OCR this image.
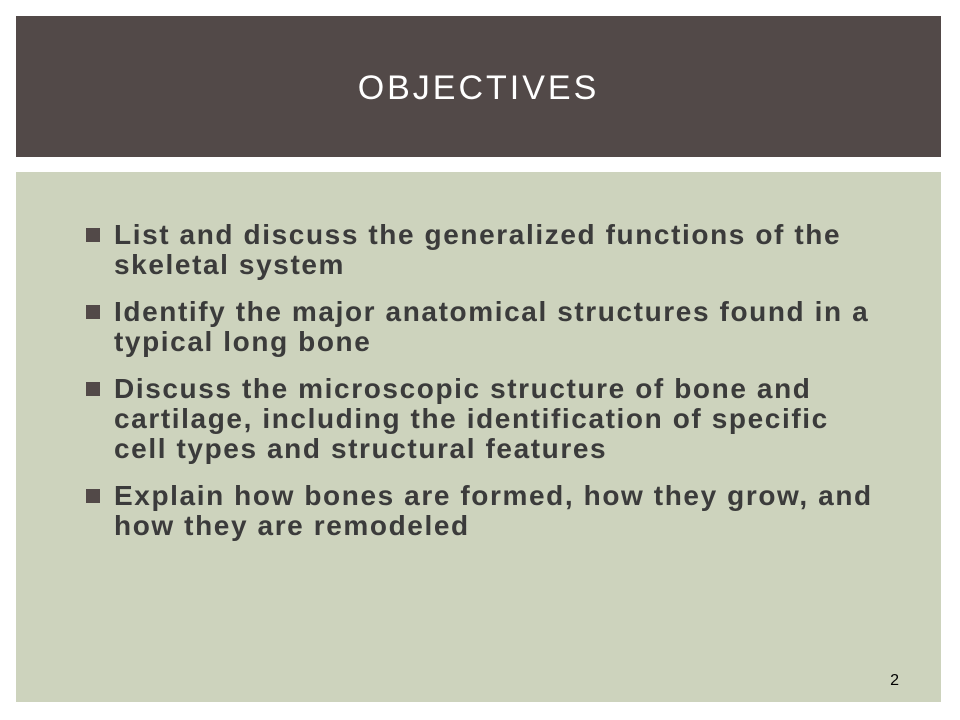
OBJECTIVES
List and discuss the generalized functions of the skeletal system
Identify the major anatomical structures found in a typical long bone
Discuss the microscopic structure of bone and cartilage, including the identification of specific cell types and structural features
Explain how bones are formed, how they grow, and how they are remodeled
2
